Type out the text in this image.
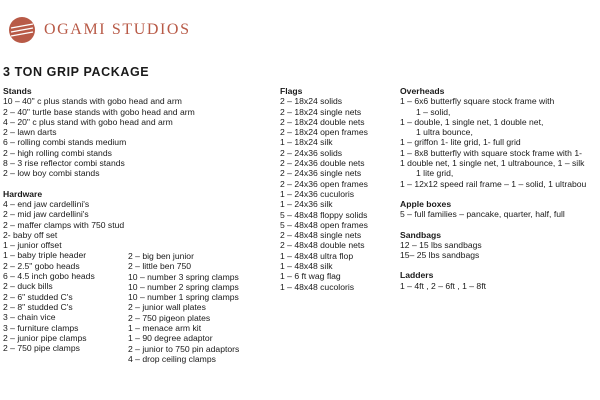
OGAMI STUDIOS
3 TON GRIP PACKAGE
Stands
10 – 40" c plus stands with gobo head and arm
2 – 40" turtle base stands with gobo head and arm
4 – 20" c plus stand with gobo head and arm
2 – lawn darts
6 – rolling combi stands medium
2 – high rolling combi stands
8 – 3 rise reflector combi stands
2 – low boy combi stands
Hardware
4 – end jaw cardellini's
2 – mid jaw cardellini's
2 – maffer clamps with 750 stud
2- baby off set
1 – junior offset
1 – baby triple header
2 – 2.5" gobo heads
6 – 4.5 inch gobo heads
2 – duck bills
2 – 6" studded C's
2 – 8" studded C's
3 – chain vice
3 – furniture clamps
2 – junior pipe clamps
2 – 750 pipe clamps
2 – big ben junior
2 – little ben 750
10 – number 3 spring clamps
10 – number 2 spring clamps
10 – number 1 spring clamps
2 – junior wall plates
2 – 750 pigeon plates
1 – menace arm kit
1 – 90 degree adaptor
2 – junior to 750 pin adaptors
4 – drop ceiling clamps
Flags
2 – 18x24 solids
2 – 18x24 single nets
2 – 18x24 double nets
2 – 18x24 open frames
1 – 18x24 silk
2 – 24x36 solids
2 – 24x36 double nets
2 – 24x36 single nets
2 – 24x36 open frames
1 – 24x36 cuculoris
1 – 24x36 silk
5 – 48x48 floppy solids
5 – 48x48 open frames
2 – 48x48 single nets
2 – 48x48 double nets
1 – 48x48 ultra flop
1 – 48x48 silk
1 – 6 ft wag flag
1 – 48x48 cucoloris
Overheads
1 – 6x6 butterfly square stock frame with
1 – solid,
1 – double, 1 single net, 1 double net,
1 ultra bounce,
1 – griffon 1- lite grid, 1- full grid
1 – 8x8 butterfly with square stock frame with 1-
1 double net, 1 single net, 1 ultrabounce, 1 – silk
1 lite grid,
1 – 12x12 speed rail frame – 1 – solid, 1 ultrabou
Apple boxes
5 – full families – pancake, quarter, half, full
Sandbags
12 – 15 lbs sandbags
15– 25 lbs sandbags
Ladders
1 – 4ft , 2 – 6ft , 1 – 8ft
